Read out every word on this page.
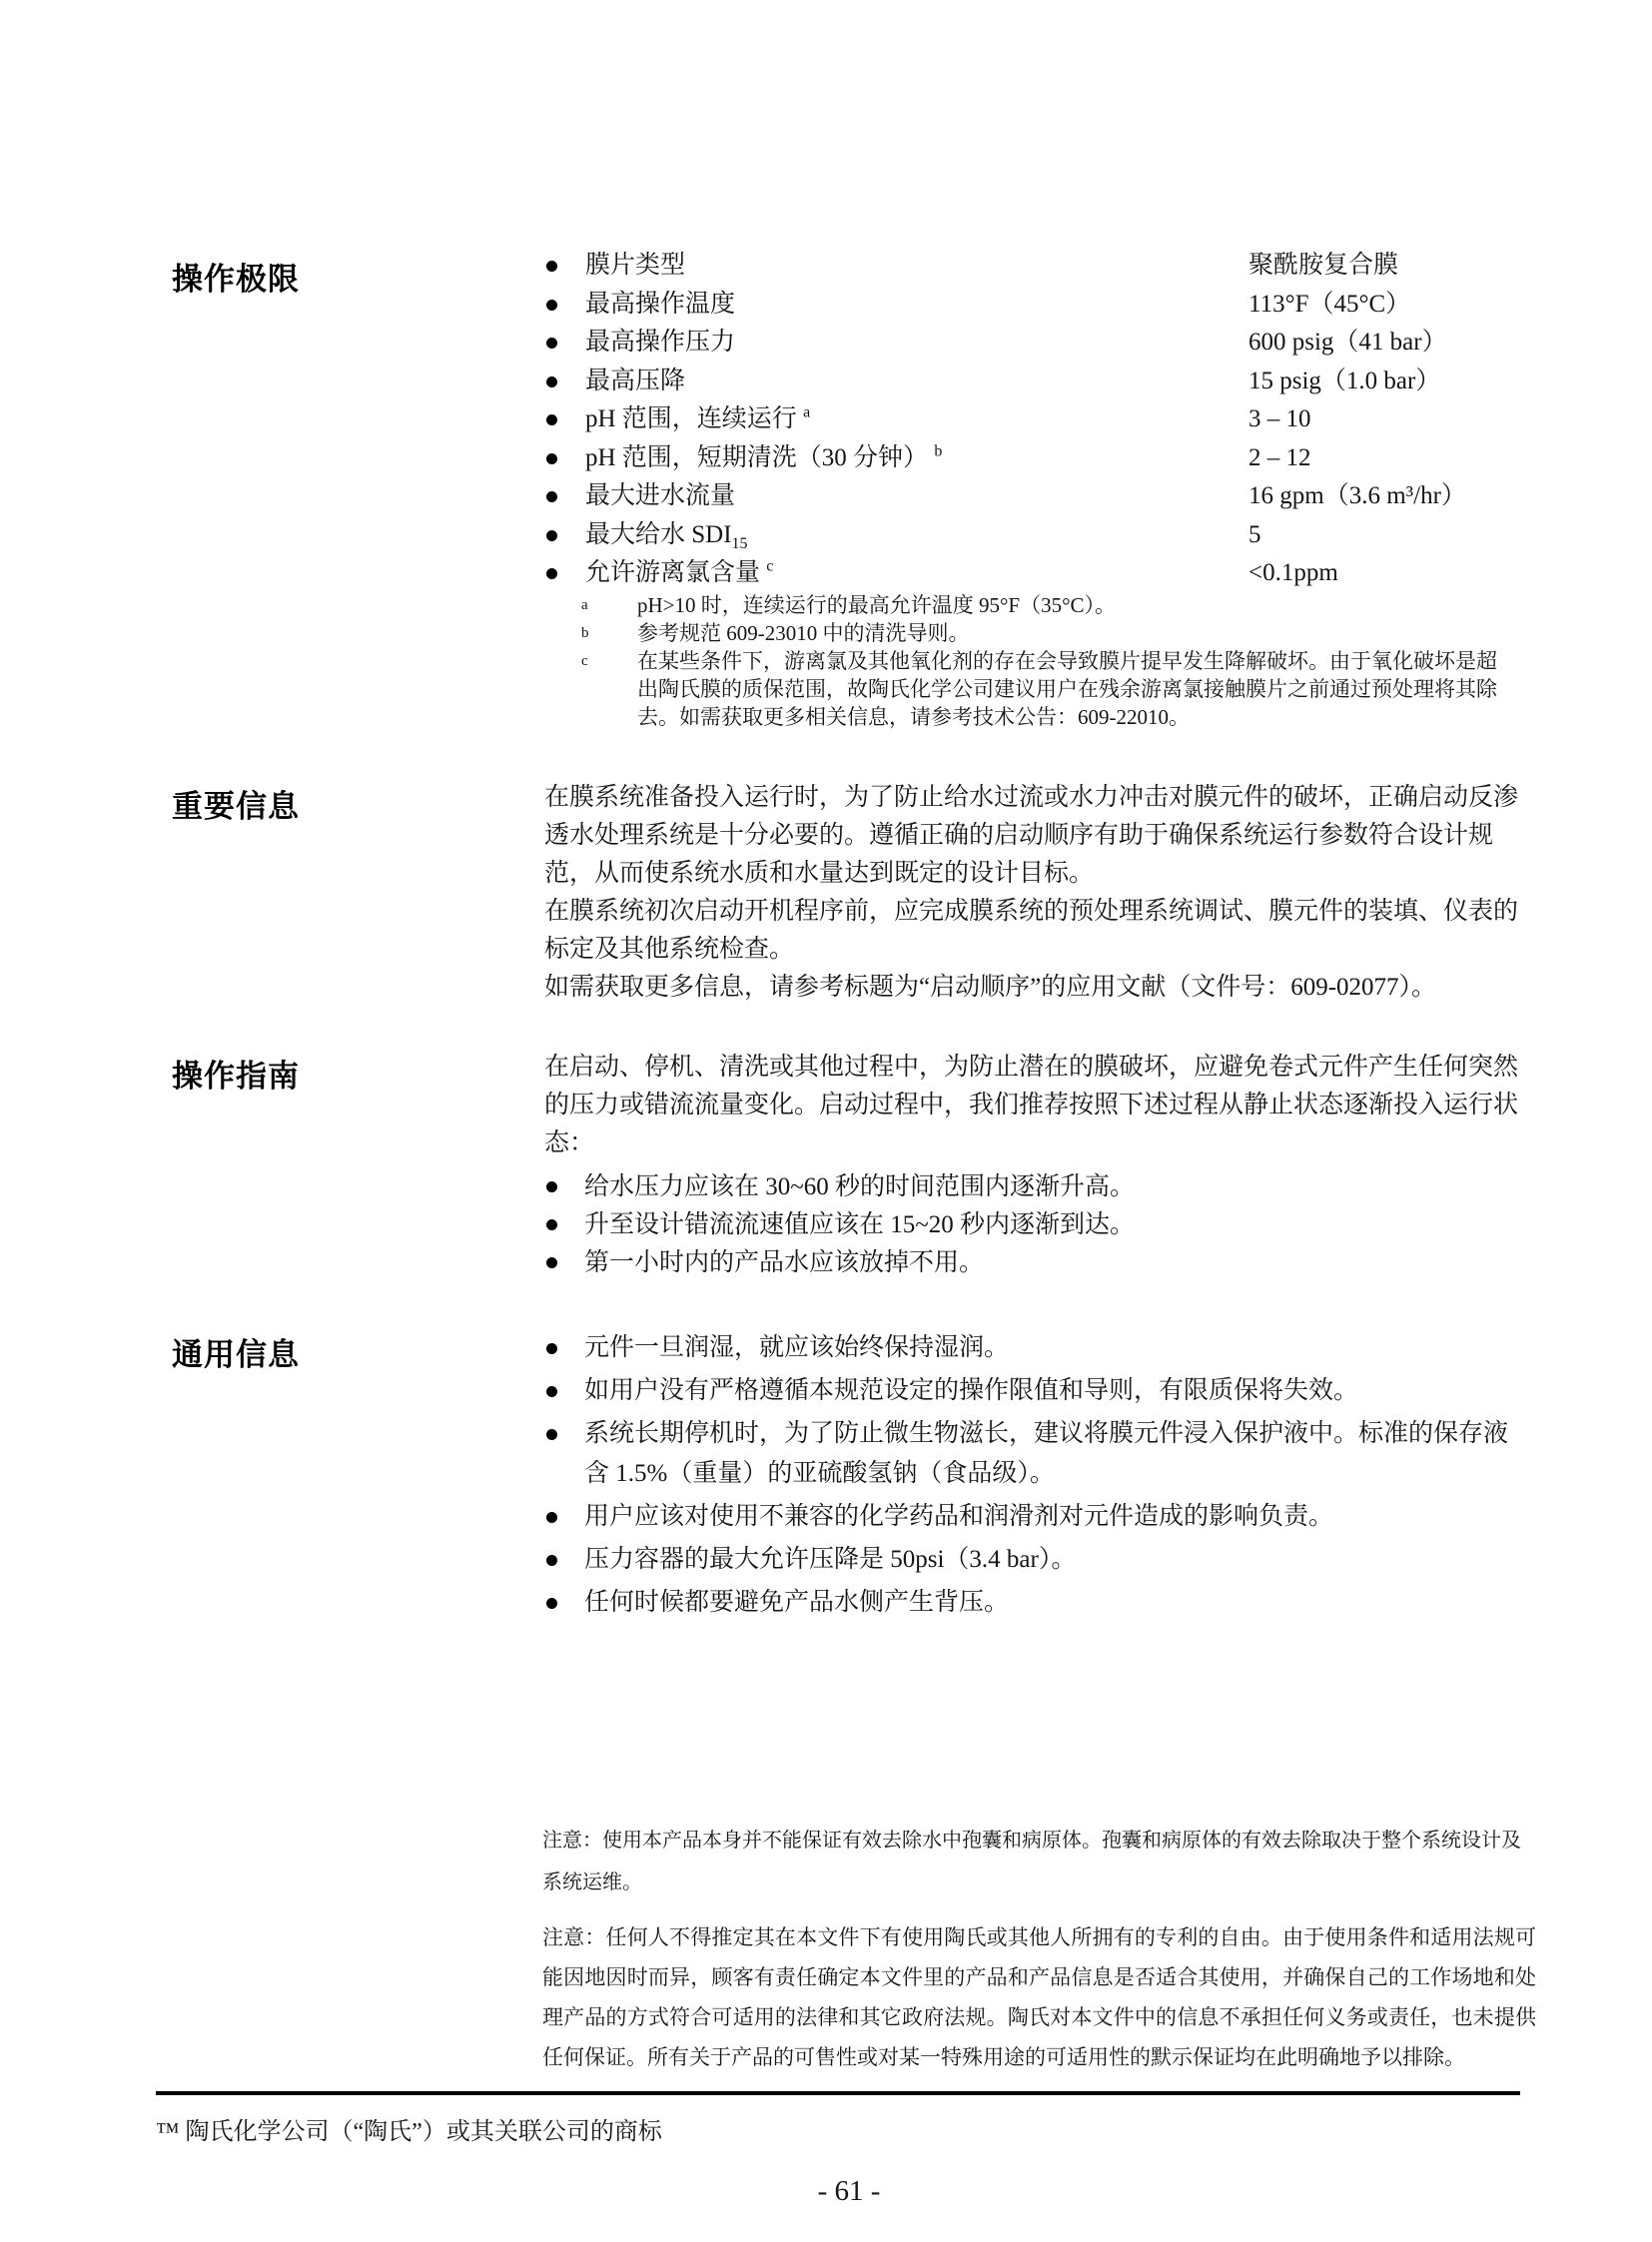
操作极限	膜片类型	聚酰胺复合膜
最高操作温度	113°F（45°C）
最高操作压力	600 psig（41 bar）
最高压降	15 psig（1.0 bar）
pH 范围，连续运行 $^a$	3 – 10
pH 范围，短期清洗（30 分钟） $^b$	2 – 12
最大进水流量	16 gpm（3.6 m³/hr）
最大给水 $SDI_{15}$	5
允许游离氯含量 $^c$	<0.1ppm
a pH>10 时，连续运行的最高允许温度 95°F（35°C）。
b 参考规范 609-23010 中的清洗导则。
c 在某些条件下，游离氯及其他氧化剂的存在会导致膜片提早发生降解破坏。由于氧化破坏是超出陶氏膜的质保范围，故陶氏化学公司建议用户在残余游离氯接触膜片之前通过预处理将其除去。如需获取更多相关信息，请参考技术公告：609-22010。
重要信息	在膜系统准备投入运行时，为了防止给水过流或水力冲击对膜元件的破坏，正确启动反渗透水处理系统是十分必要的。遵循正确的启动顺序有助于确保系统运行参数符合设计规范，从而使系统水质和水量达到既定的设计目标。

在膜系统初次启动开机程序前，应完成膜系统的预处理系统调试、膜元件的装填、仪表的标定及其他系统检查。

如需获取更多信息，请参考标题为“启动顺序”的应用文献（文件号：609-02077）。

操作指南	在启动、停机、清洗或其他过程中，为防止潜在的膜破坏，应避免卷式元件产生任何突然的压力或错流流量变化。启动过程中，我们推荐按照下述过程从静止状态逐渐投入运行状态：

给水压力应该在 30~60 秒的时间范围内逐渐升高。
升至设计错流流速值应该在 15~20 秒内逐渐到达。
第一小时内的产品水应该放掉不用。
通用信息	元件一旦润湿，就应该始终保持湿润。
如用户没有严格遵循本规范设定的操作限值和导则，有限质保将失效。
系统长期停机时，为了防止微生物滋长，建议将膜元件浸入保护液中。标准的保存液含 1.5%（重量）的亚硫酸氢钠（食品级）。
用户应该对使用不兼容的化学药品和润滑剂对元件造成的影响负责。
压力容器的最大允许压降是 50psi（3.4 bar）。
任何时候都要避免产品水侧产生背压。
注意：使用本产品本身并不能保证有效去除水中孢囊和病原体。孢囊和病原体的有效去除取决于整个系统设计及系统运维。
注意：任何人不得推定其在本文件下有使用陶氏或其他人所拥有的专利的自由。由于使用条件和适用法规可能因地因时而异，顾客有责任确定本文件里的产品和产品信息是否适合其使用，并确保自己的工作场地和处理产品的方式符合可适用的法律和其它政府法规。陶氏对本文件中的信息不承担任何义务或责任，也未提供任何保证。所有关于产品的可售性或对某一特殊用途的可适用性的默示保证均在此明确地予以排除。
™ 陶氏化学公司（“陶氏”）或其关联公司的商标
- 61 -
